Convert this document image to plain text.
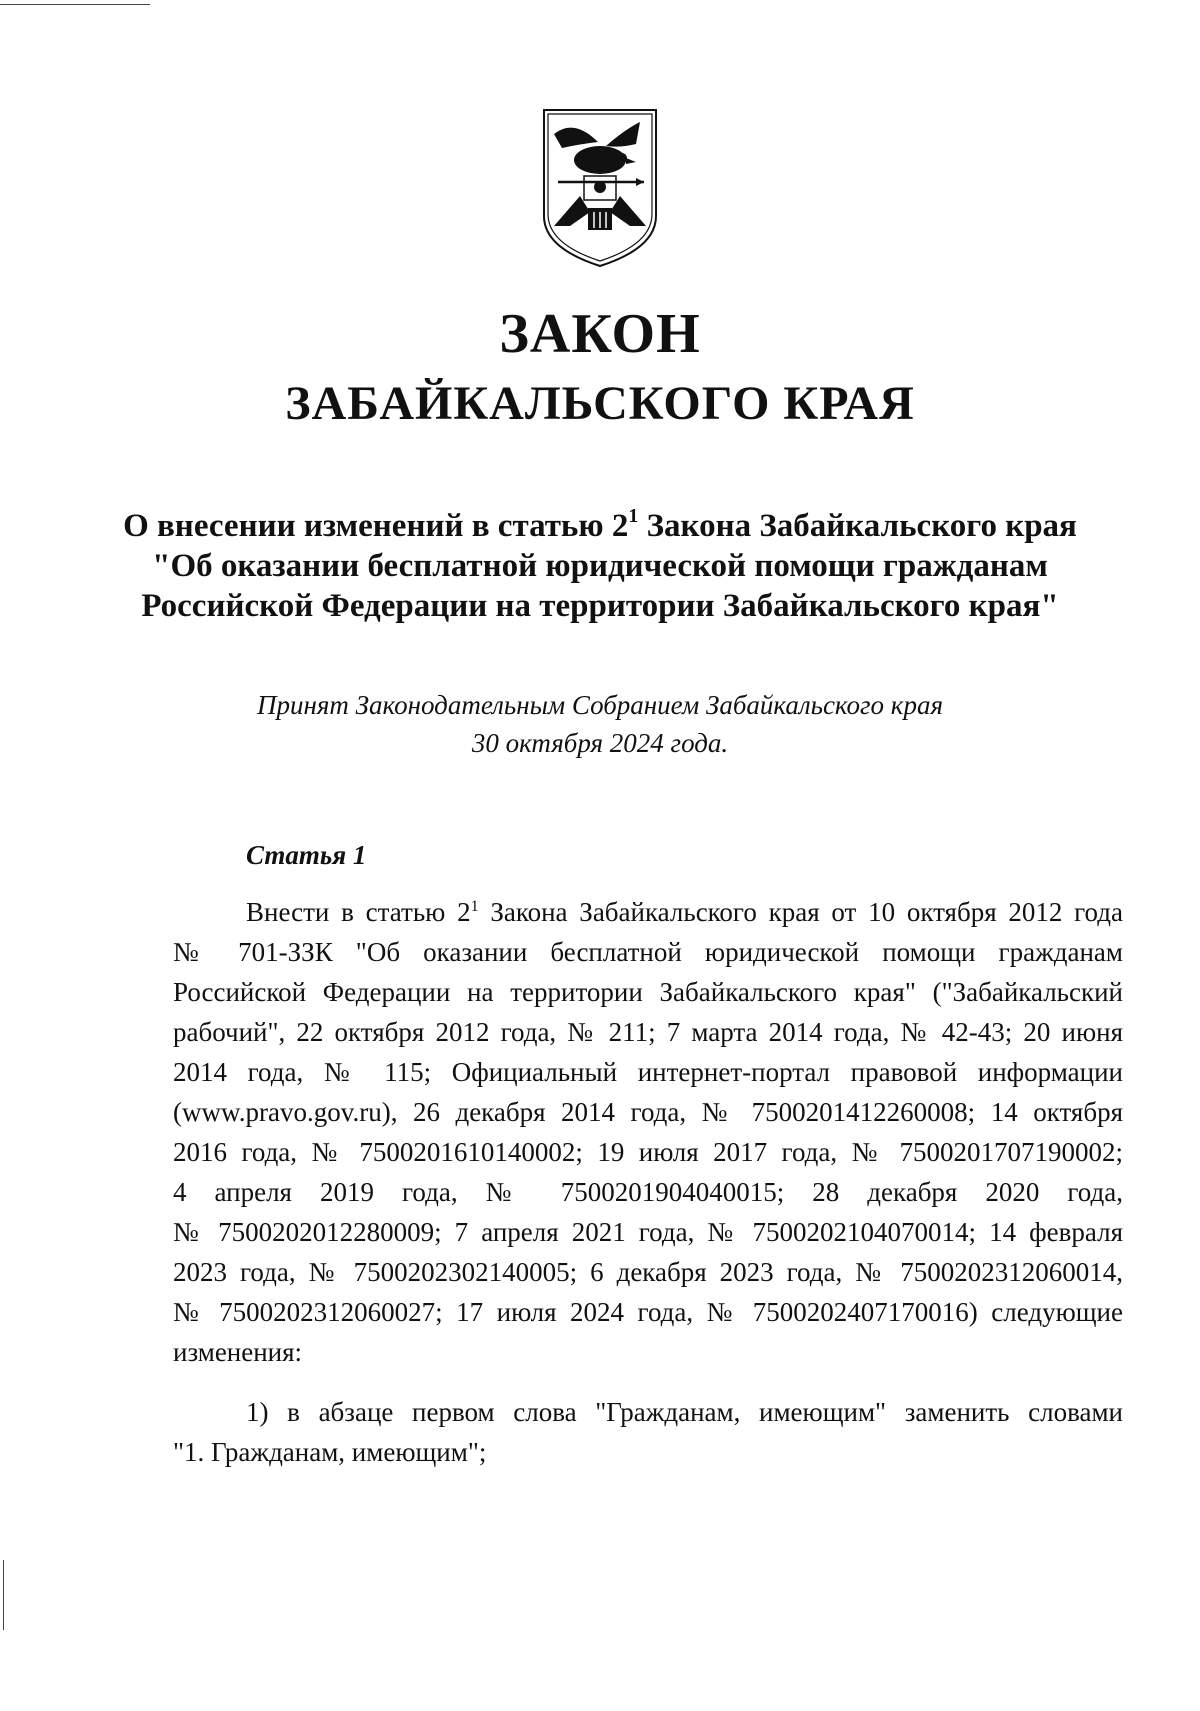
ЗАКОН
ЗАБАЙКАЛЬСКОГО КРАЯ
О внесении изменений в статью $2^1$ Закона Забайкальского края
"Об оказании бесплатной юридической помощи гражданам
Российской Федерации на территории Забайкальского края"
Принят Законодательным Собранием Забайкальского края
30 октября 2024 года.
Статья 1
Внести в статью $2^1$ Закона Забайкальского края от 10 октября 2012 года
№ 701-ЗЗК "Об оказании бесплатной юридической помощи гражданам
Российской Федерации на территории Забайкальского края" ("Забайкальский
рабочий", 22 октября 2012 года, № 211; 7 марта 2014 года, № 42-43; 20 июня
2014 года, № 115; Официальный интернет-портал правовой информации
(www.pravo.gov.ru), 26 декабря 2014 года, № 7500201412260008; 14 октября
2016 года, № 7500201610140002; 19 июля 2017 года, № 7500201707190002;
4 апреля 2019 года, № 7500201904040015; 28 декабря 2020 года,
№ 7500202012280009; 7 апреля 2021 года, № 7500202104070014; 14 февраля
2023 года, № 7500202302140005; 6 декабря 2023 года, № 7500202312060014,
№ 7500202312060027; 17 июля 2024 года, № 7500202407170016) следующие
изменения:
1) в абзаце первом слова "Гражданам, имеющим" заменить словами
"1. Гражданам, имеющим";
